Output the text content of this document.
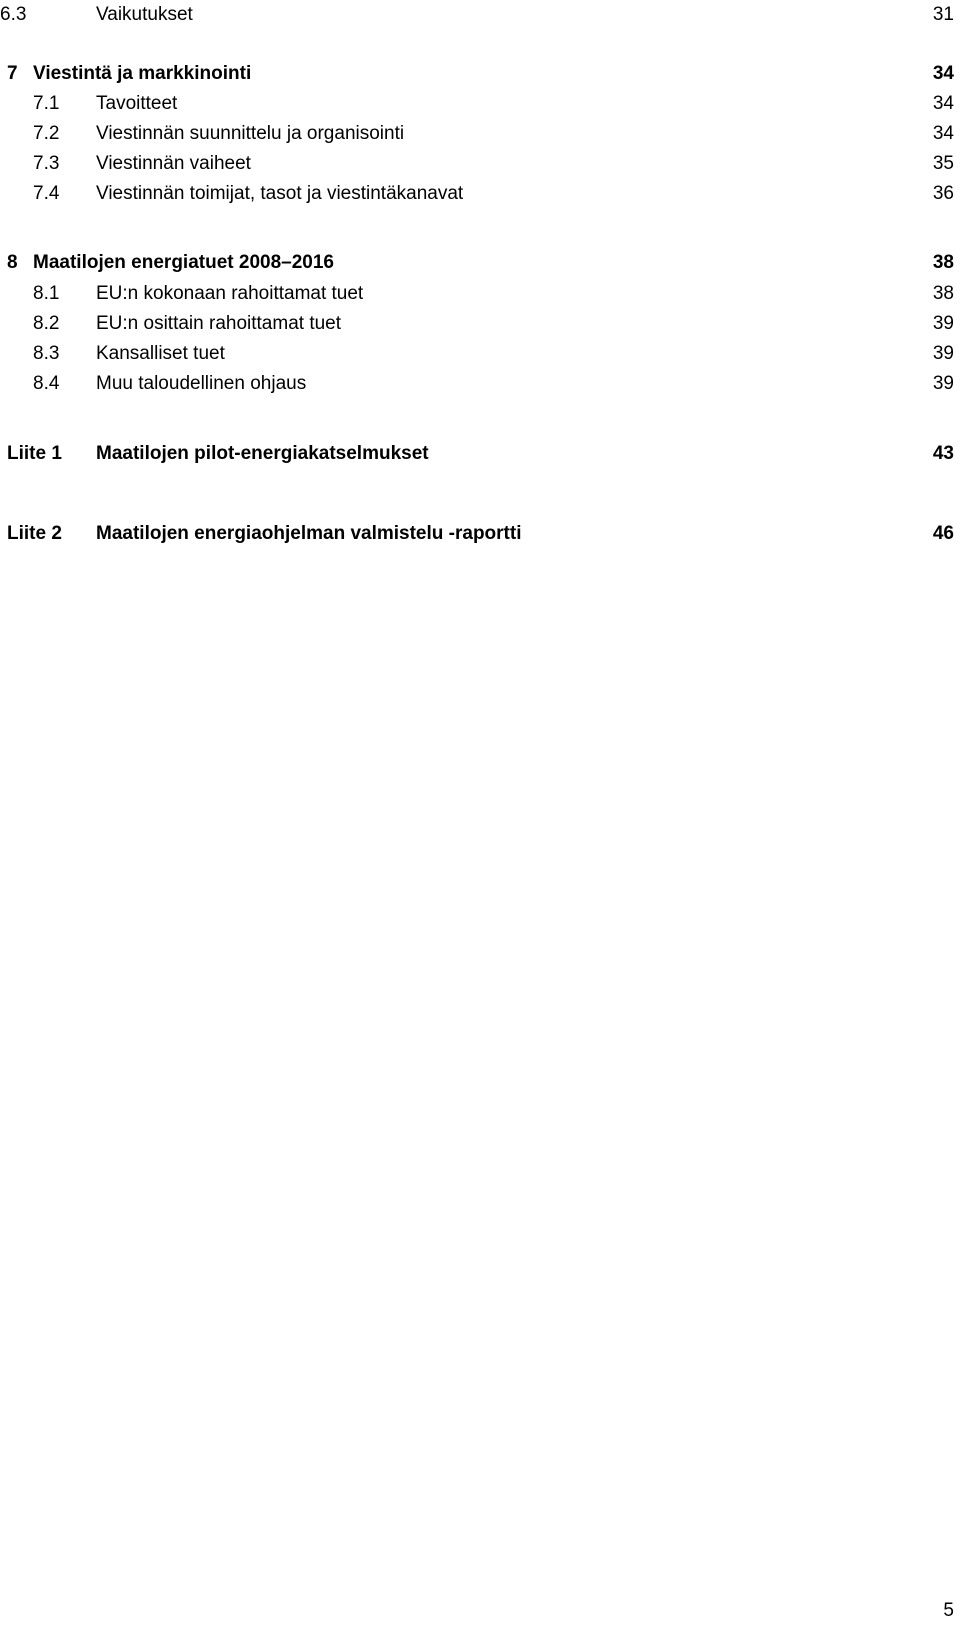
6.3	Vaikutukset	31
7 Viestintä ja markkinointi	34
7.1 Tavoitteet	34
7.2 Viestinnän suunnittelu ja organisointi	34
7.3 Viestinnän vaiheet	35
7.4 Viestinnän toimijat, tasot ja viestintäkanavat	36
8 Maatilojen energiatuet 2008–2016	38
8.1 EU:n kokonaan rahoittamat tuet	38
8.2 EU:n osittain rahoittamat tuet	39
8.3 Kansalliset tuet	39
8.4 Muu taloudellinen ohjaus	39
Liite 1 Maatilojen pilot-energiakatselmukset	43
Liite 2 Maatilojen energiaohjelman valmistelu -raportti	46
5
